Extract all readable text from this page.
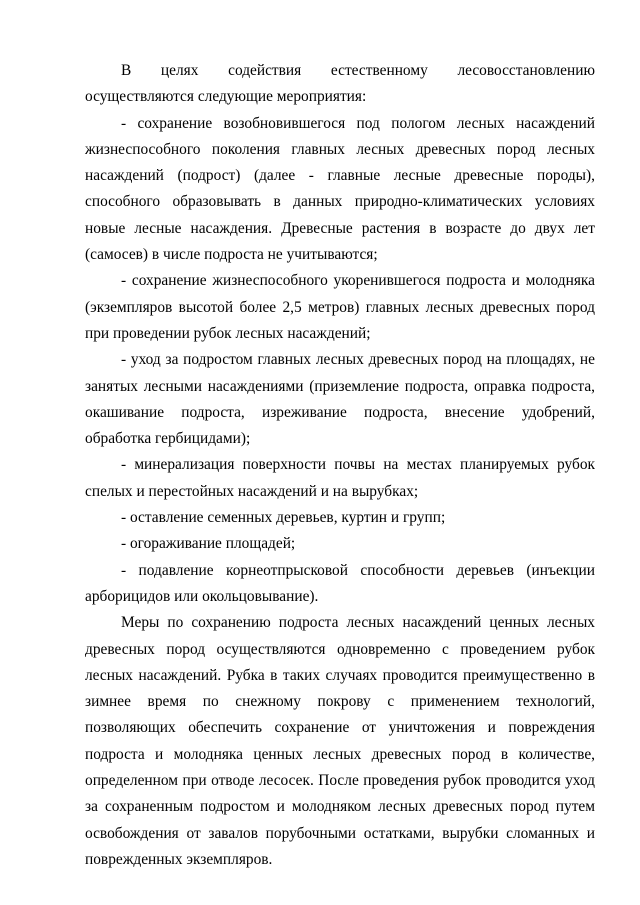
В целях содействия естественному лесовосстановлению осуществляются следующие мероприятия:

- сохранение возобновившегося под пологом лесных насаждений жизнеспособного поколения главных лесных древесных пород лесных насаждений (подрост) (далее - главные лесные древесные породы), способного образовывать в данных природно-климатических условиях новые лесные насаждения. Древесные растения в возрасте до двух лет (самосев) в числе подроста не учитываются;

- сохранение жизнеспособного укоренившегося подроста и молодняка (экземпляров высотой более 2,5 метров) главных лесных древесных пород при проведении рубок лесных насаждений;

- уход за подростом главных лесных древесных пород на площадях, не занятых лесными насаждениями (приземление подроста, оправка подроста, окашивание подроста, изреживание подроста, внесение удобрений, обработка гербицидами);

- минерализация поверхности почвы на местах планируемых рубок спелых и перестойных насаждений и на вырубках;

- оставление семенных деревьев, куртин и групп;

- огораживание площадей;

- подавление корнеотпрысковой способности деревьев (инъекции арборицидов или окольцовывание).

Меры по сохранению подроста лесных насаждений ценных лесных древесных пород осуществляются одновременно с проведением рубок лесных насаждений. Рубка в таких случаях проводится преимущественно в зимнее время по снежному покрову с применением технологий, позволяющих обеспечить сохранение от уничтожения и повреждения подроста и молодняка ценных лесных древесных пород в количестве, определенном при отводе лесосек. После проведения рубок проводится уход за сохраненным подростом и молодняком лесных древесных пород путем освобождения от завалов порубочными остатками, вырубки сломанных и поврежденных экземпляров.
